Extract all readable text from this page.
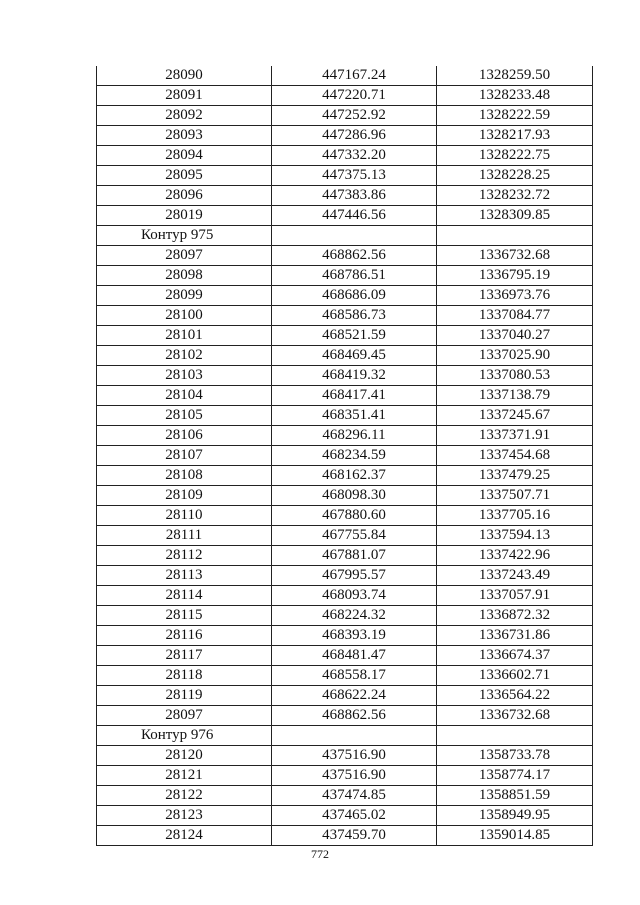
28090	447167.24	1328259.50
28091	447220.71	1328233.48
28092	447252.92	1328222.59
28093	447286.96	1328217.93
28094	447332.20	1328222.75
28095	447375.13	1328228.25
28096	447383.86	1328232.72
28019	447446.56	1328309.85
Контур 975		
28097	468862.56	1336732.68
28098	468786.51	1336795.19
28099	468686.09	1336973.76
28100	468586.73	1337084.77
28101	468521.59	1337040.27
28102	468469.45	1337025.90
28103	468419.32	1337080.53
28104	468417.41	1337138.79
28105	468351.41	1337245.67
28106	468296.11	1337371.91
28107	468234.59	1337454.68
28108	468162.37	1337479.25
28109	468098.30	1337507.71
28110	467880.60	1337705.16
28111	467755.84	1337594.13
28112	467881.07	1337422.96
28113	467995.57	1337243.49
28114	468093.74	1337057.91
28115	468224.32	1336872.32
28116	468393.19	1336731.86
28117	468481.47	1336674.37
28118	468558.17	1336602.71
28119	468622.24	1336564.22
28097	468862.56	1336732.68
Контур 976		
28120	437516.90	1358733.78
28121	437516.90	1358774.17
28122	437474.85	1358851.59
28123	437465.02	1358949.95
28124	437459.70	1359014.85
772
